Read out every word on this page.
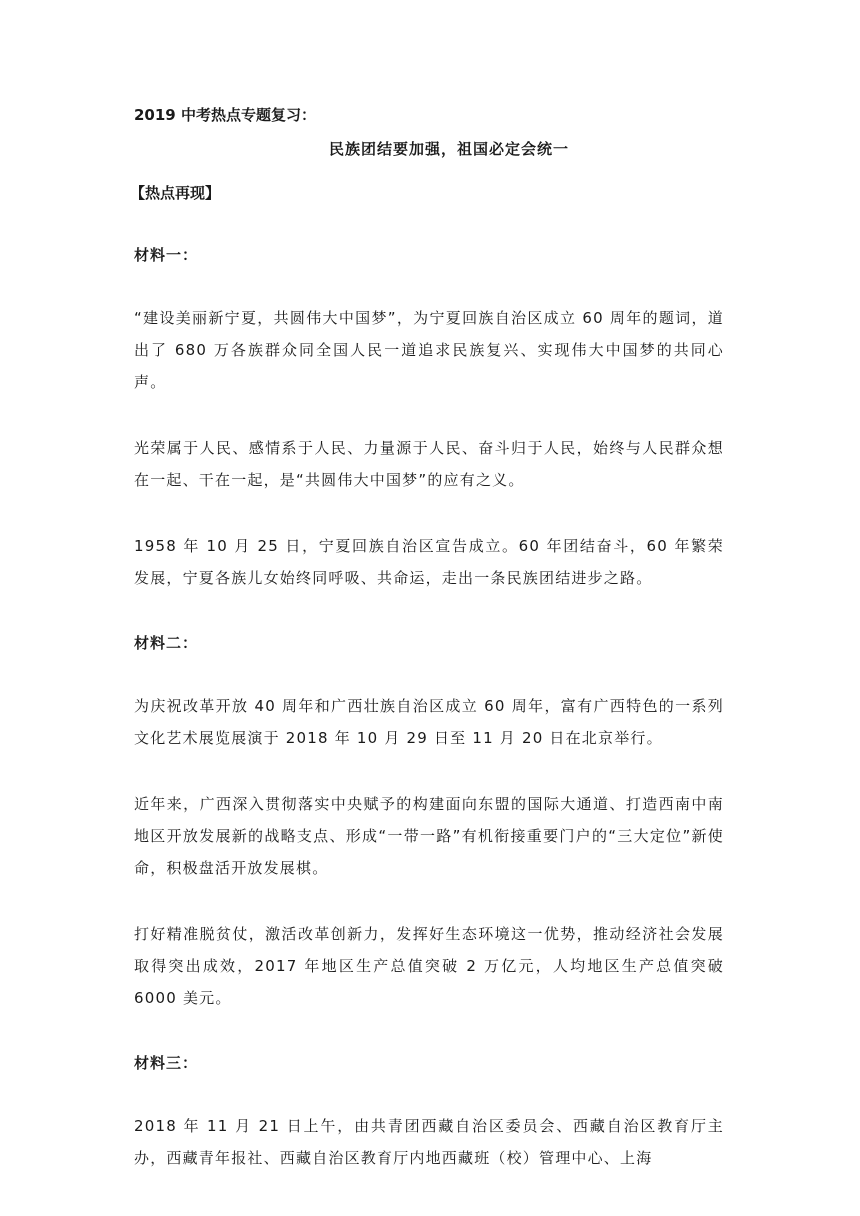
2019 中考热点专题复习：

民族团结要加强，祖国必定会统一

【热点再现】

材料一：

“建设美丽新宁夏，共圆伟大中国梦”，为宁夏回族自治区成立 60 周年的题词，道出了 680 万各族群众同全国人民一道追求民族复兴、实现伟大中国梦的共同心声。

光荣属于人民、感情系于人民、力量源于人民、奋斗归于人民，始终与人民群众想在一起、干在一起，是“共圆伟大中国梦”的应有之义。

1958 年 10 月 25 日，宁夏回族自治区宣告成立。60 年团结奋斗，60 年繁荣发展，宁夏各族儿女始终同呼吸、共命运，走出一条民族团结进步之路。

材料二：

为庆祝改革开放 40 周年和广西壮族自治区成立 60 周年，富有广西特色的一系列文化艺术展览展演于 2018 年 10 月 29 日至 11 月 20 日在北京举行。

近年来，广西深入贯彻落实中央赋予的构建面向东盟的国际大通道、打造西南中南地区开放发展新的战略支点、形成“一带一路”有机衔接重要门户的“三大定位”新使命，积极盘活开放发展棋。

打好精准脱贫仗，激活改革创新力，发挥好生态环境这一优势，推动经济社会发展取得突出成效，2017 年地区生产总值突破 2 万亿元，人均地区生产总值突破 6000 美元。

材料三：

2018 年 11 月 21 日上午，由共青团西藏自治区委员会、西藏自治区教育厅主办，西藏青年报社、西藏自治区教育厅内地西藏班（校）管理中心、上海
